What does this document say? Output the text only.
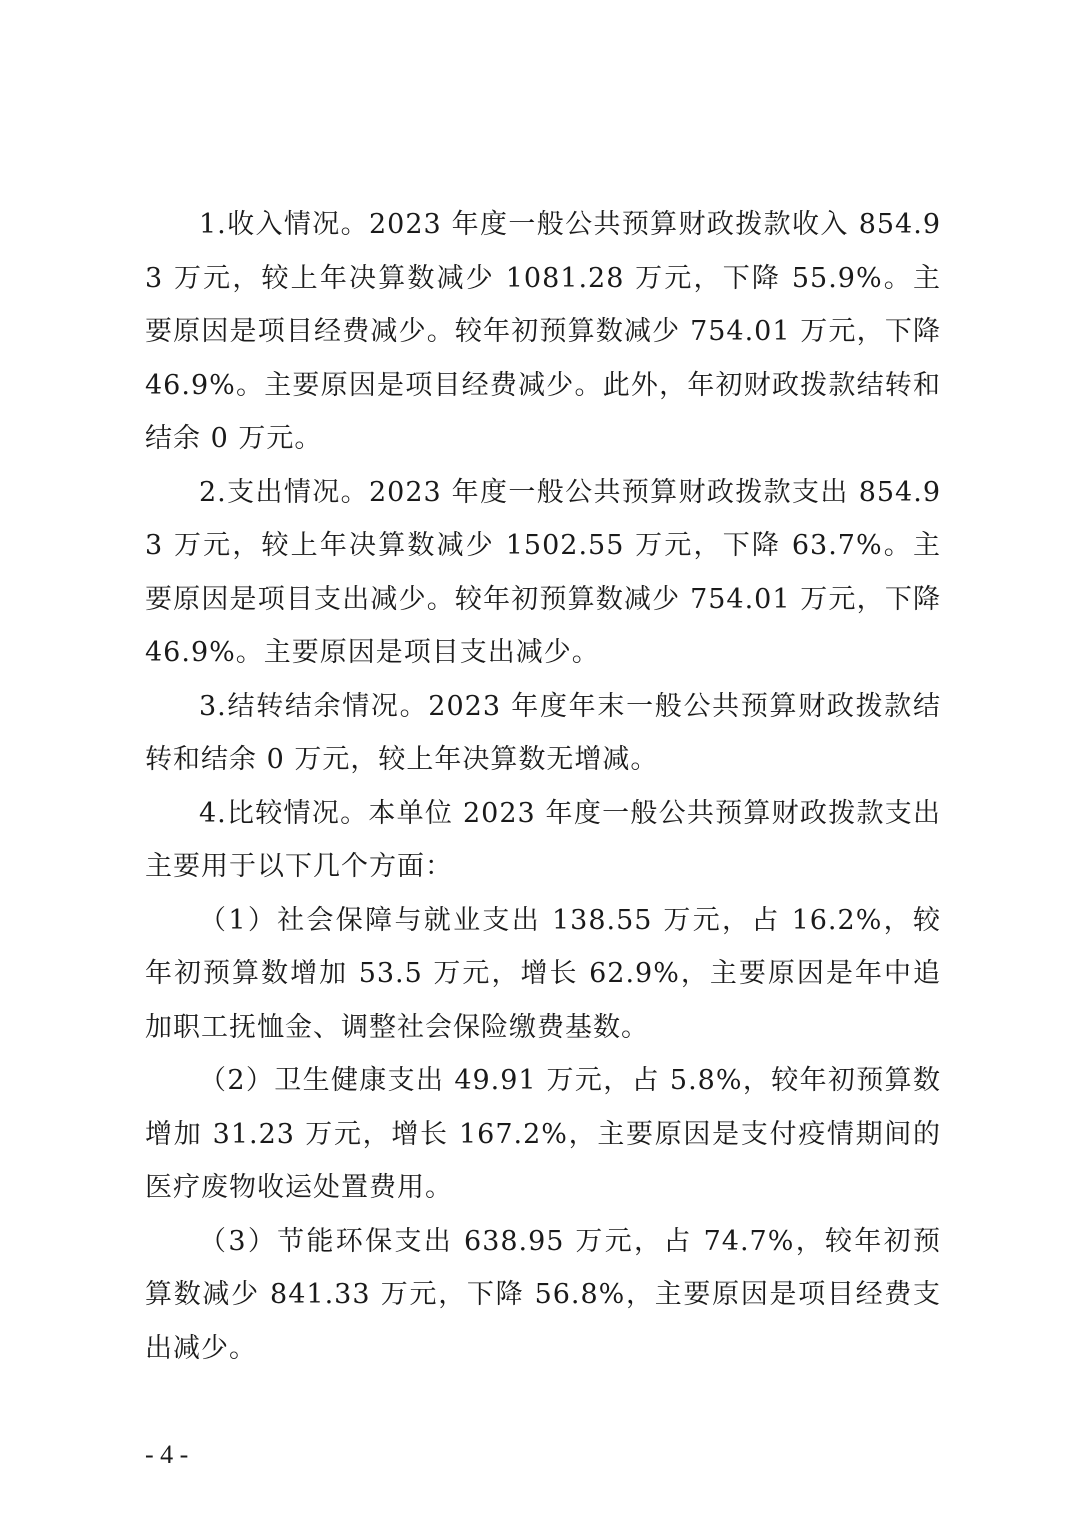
1.收入情况。2023 年度一般公共预算财政拨款收入 854.93 万元，较上年决算数减少 1081.28 万元，下降 55.9%。主要原因是项目经费减少。较年初预算数减少 754.01 万元，下降 46.9%。主要原因是项目经费减少。此外，年初财政拨款结转和结余 0 万元。

2.支出情况。2023 年度一般公共预算财政拨款支出 854.93 万元，较上年决算数减少 1502.55 万元，下降 63.7%。主要原因是项目支出减少。较年初预算数减少 754.01 万元，下降 46.9%。主要原因是项目支出减少。

3.结转结余情况。2023 年度年末一般公共预算财政拨款结转和结余 0 万元，较上年决算数无增减。

4.比较情况。本单位 2023 年度一般公共预算财政拨款支出主要用于以下几个方面：

（1）社会保障与就业支出 138.55 万元，占 16.2%，较年初预算数增加 53.5 万元，增长 62.9%，主要原因是年中追加职工抚恤金、调整社会保险缴费基数。

（2）卫生健康支出 49.91 万元，占 5.8%，较年初预算数增加 31.23 万元，增长 167.2%，主要原因是支付疫情期间的医疗废物收运处置费用。

（3）节能环保支出 638.95 万元，占 74.7%，较年初预算数减少 841.33 万元，下降 56.8%，主要原因是项目经费支出减少。

- 4 -
